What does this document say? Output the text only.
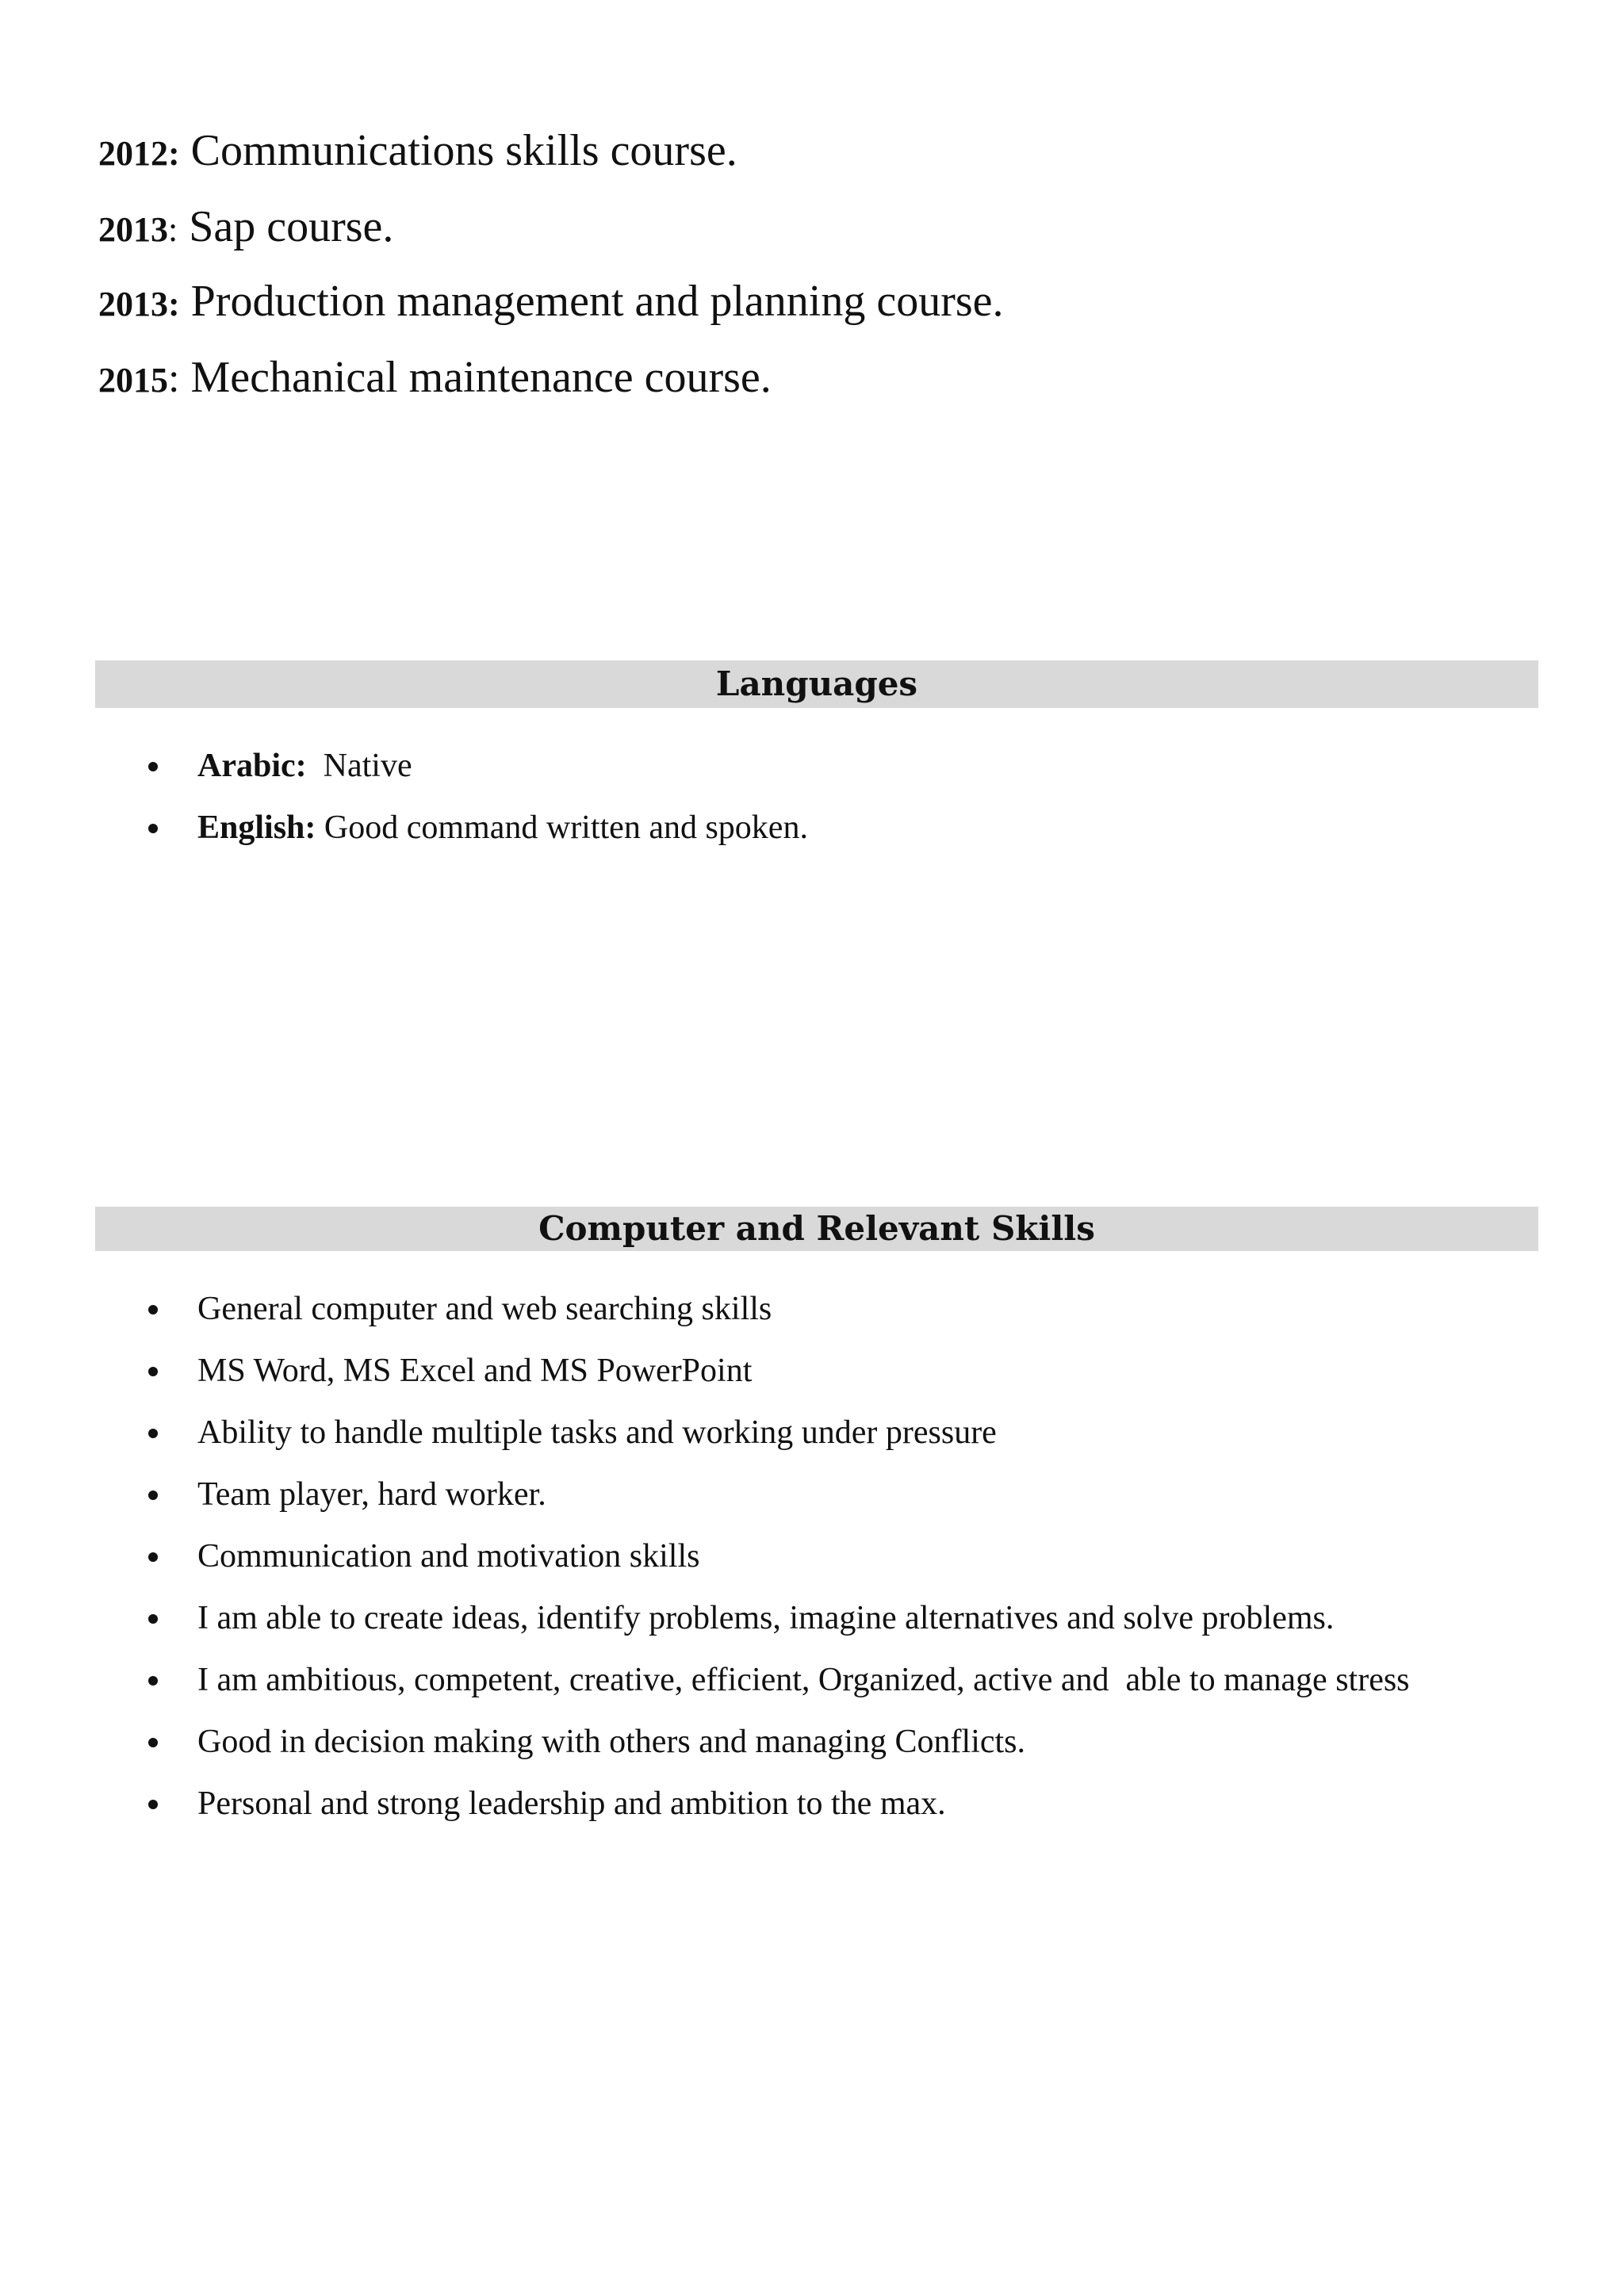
2012: Communications skills course.
2013: Sap course.
2013: Production management and planning course.
2015: Mechanical maintenance course.
Languages
Arabic:  Native
English: Good command written and spoken.
Computer and Relevant Skills
General computer and web searching skills
MS Word, MS Excel and MS PowerPoint
Ability to handle multiple tasks and working under pressure
Team player, hard worker.
Communication and motivation skills
I am able to create ideas, identify problems, imagine alternatives and solve problems.
I am ambitious, competent, creative, efficient, Organized, active and  able to manage stress
Good in decision making with others and managing Conflicts.
Personal and strong leadership and ambition to the max.
